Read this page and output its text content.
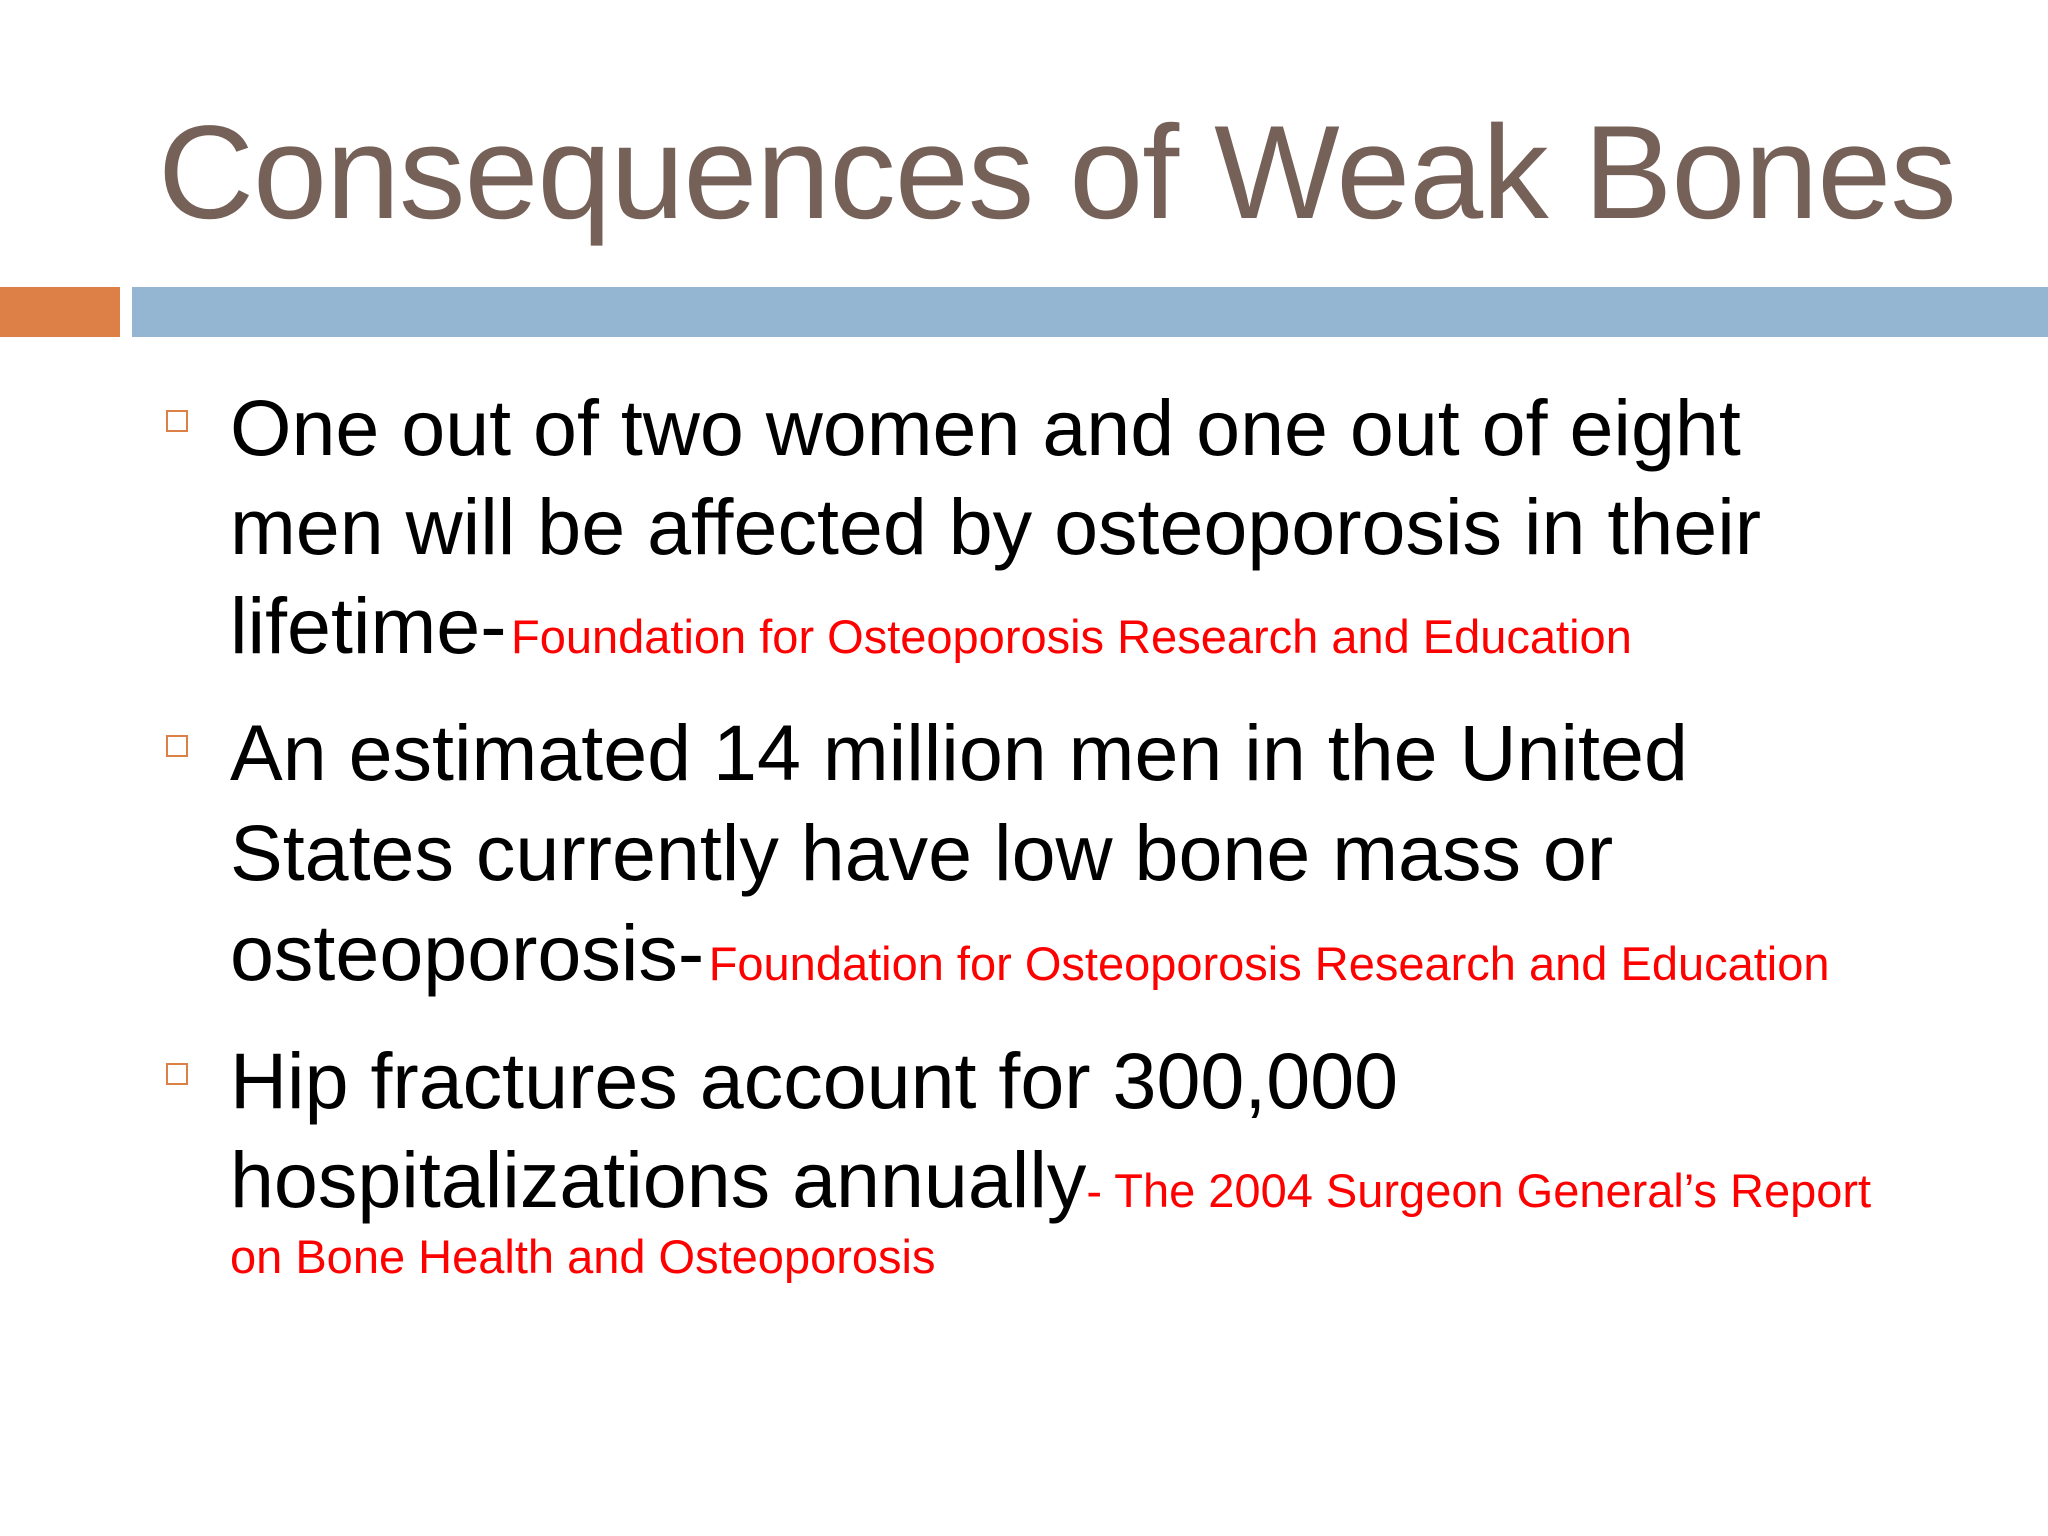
Consequences of Weak Bones
One out of two women and one out of eight men will be affected by osteoporosis in their lifetime- Foundation for Osteoporosis Research and Education
An estimated 14 million men in the United States currently have low bone mass or osteoporosis- Foundation for Osteoporosis Research and Education
Hip fractures account for 300,000 hospitalizations annually- The 2004 Surgeon General’s Report on Bone Health and Osteoporosis
